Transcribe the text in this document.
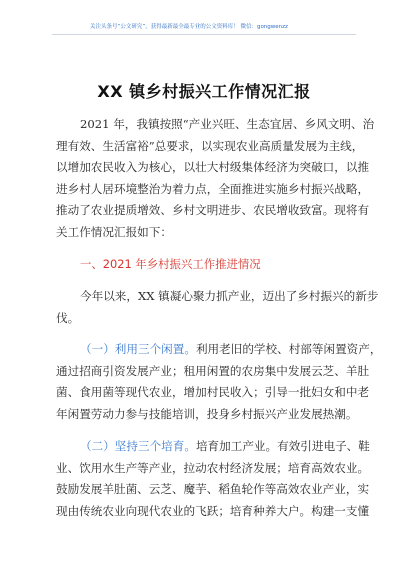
关注头条号“公文研究”，获得最新最全最专业的公文资料库！ 微信：gongwenzz
XX 镇乡村振兴工作情况汇报
2021 年，我镇按照“产业兴旺、生态宜居、乡风文明、治
理有效、生活富裕”总要求，以实现农业高质量发展为主线，
以增加农民收入为核心，以壮大村级集体经济为突破口，以推
进乡村人居环境整治为着力点，全面推进实施乡村振兴战略，
推动了农业提质增效、乡村文明进步、农民增收致富。现将有
关工作情况汇报如下：
一、2021 年乡村振兴工作推进情况
今年以来，XX 镇凝心聚力抓产业，迈出了乡村振兴的新步
伐。
（一）利用三个闲置。利用老旧的学校、村部等闲置资产，
通过招商引资发展产业；租用闲置的农房集中发展云芝、羊肚
菌、食用菌等现代农业，增加村民收入；引导一批妇女和中老
年闲置劳动力参与技能培训，投身乡村振兴产业发展热潮。
（二）坚持三个培育。培育加工产业。有效引进电子、鞋
业、饮用水生产等产业，拉动农村经济发展；培育高效农业。
鼓励发展羊肚菌、云芝、魔芋、稻鱼轮作等高效农业产业，实
现由传统农业向现代农业的飞跃；培育种养大户。构建一支懂
